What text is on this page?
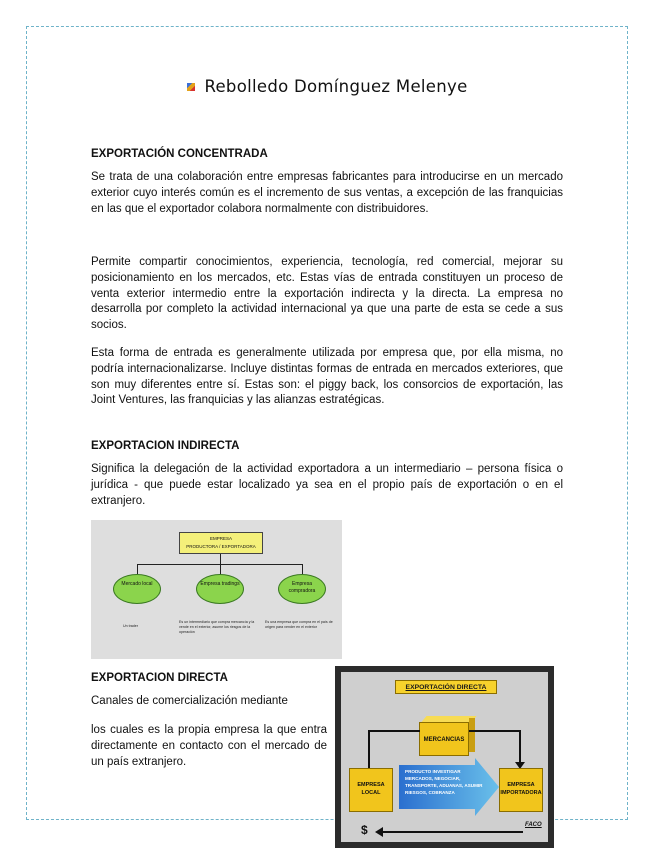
Rebolledo Domínguez Melenye
EXPORTACIÓN CONCENTRADA

Se trata de una colaboración entre empresas fabricantes para introducirse en un mercado exterior cuyo interés común es el incremento de sus ventas, a excepción de las franquicias en las que el exportador colabora normalmente con distribuidores.

Permite compartir conocimientos, experiencia, tecnología, red comercial, mejorar su posicionamiento en los mercados, etc. Estas vías de entrada constituyen un proceso de venta exterior intermedio entre la exportación indirecta y la directa. La empresa no desarrolla por completo la actividad internacional ya que una parte de esta se cede a sus socios.

Esta forma de entrada es generalmente utilizada por empresa que, por ella misma, no podría internacionalizarse. Incluye distintas formas de entrada en mercados exteriores, que son muy diferentes entre sí. Estas son: el piggy back, los consorcios de exportación, las Joint Ventures, las franquicias y las alianzas estratégicas.

EXPORTACION INDIRECTA

Significa la delegación de la actividad exportadora a un intermediario – persona física o jurídica - que puede estar localizado ya sea en el propio país de exportación o en el extranjero.

EMPRESA
PRODUCTORA / EXPORTADORA
Mercado local	Empresa tradings	Empresa compradora
Un trader
Es un intermediario que compra mercancía y la vende en el exterior, asume los riesgos de la operación
Es una empresa que compra en el país de origen para vender en el exterior
EXPORTACION DIRECTA

Canales de comercialización mediante

los cuales es la propia empresa la que entra directamente en contacto con el mercado de un país extranjero.

EXPORTACIÓN DIRECTA
MERCANCIAS
EMPRESA LOCAL
PRODUCTO INVESTIGAR MERCADOS, NEGOCIAR, TRANSPORTE, ADUANAS, ASUMIR RIESGOS, COBRANZA
EMPRESA IMPORTADORA
$	FACO
